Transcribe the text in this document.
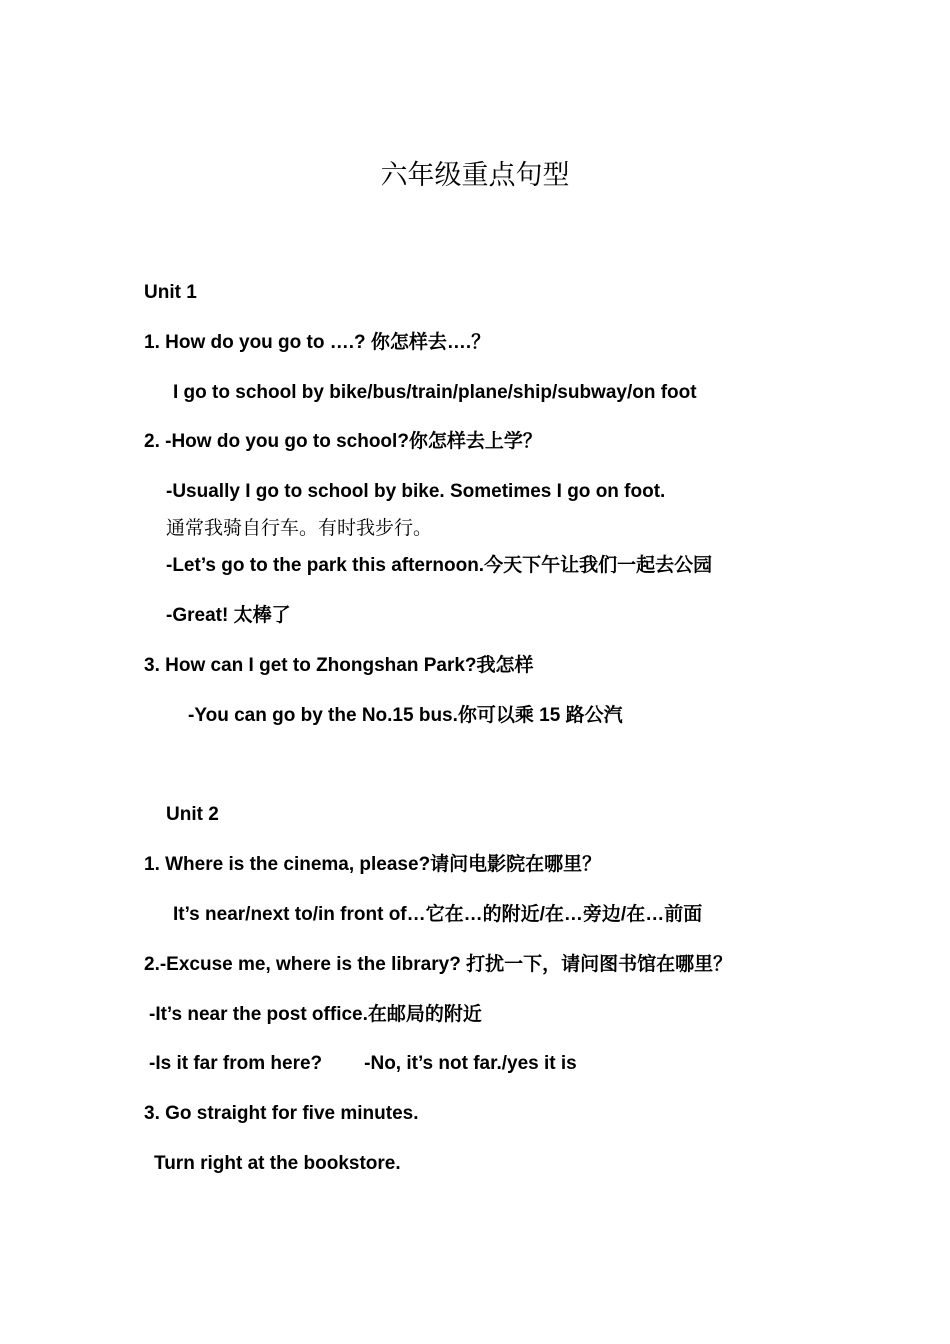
六年级重点句型
Unit 1
1. How do you go to ….? 你怎样去….？
I go to school by bike/bus/train/plane/ship/subway/on foot
2. -How do you go to school?你怎样去上学？
-Usually I go to school by bike. Sometimes I go on foot.
通常我骑自行车。有时我步行。
-Let’s go to the park this afternoon.今天下午让我们一起去公园
-Great! 太棒了
3. How can I get to Zhongshan Park?我怎样
-You can go by the No.15 bus.你可以乘 15 路公汽
Unit 2
1. Where is the cinema, please?请问电影院在哪里？
It’s near/next to/in front of…它在…的附近/在…旁边/在…前面
2.-Excuse me, where is the library? 打扰一下，请问图书馆在哪里？
-It’s near the post office.在邮局的附近
-Is it far from here? -No, it’s not far./yes it is
3. Go straight for five minutes.
Turn right at the bookstore.
